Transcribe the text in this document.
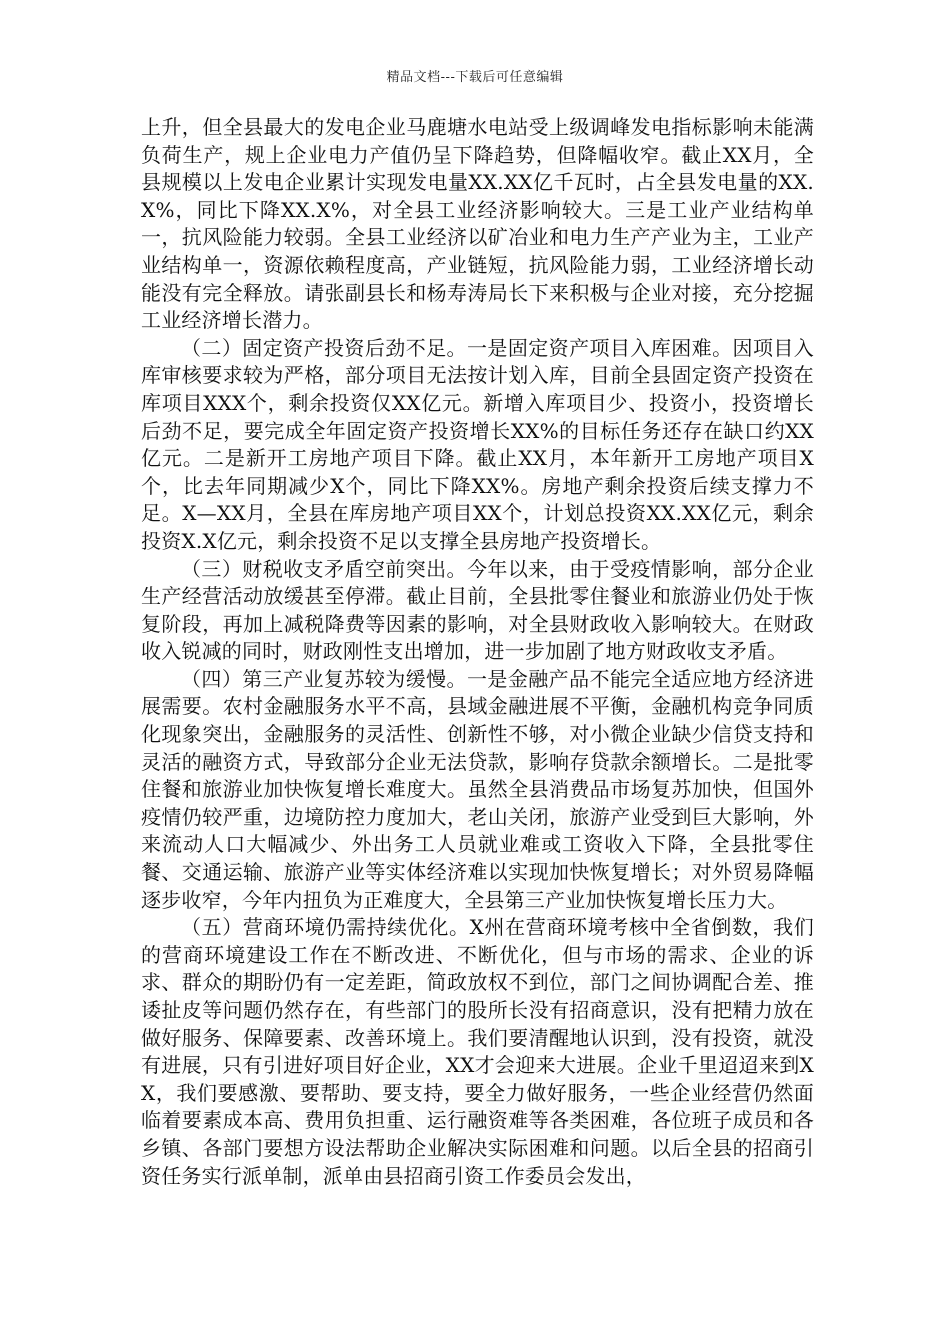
精品文档---下载后可任意编辑

上升，但全县最大的发电企业马鹿塘水电站受上级调峰发电指标影响未能满负荷生产，规上企业电力产值仍呈下降趋势，但降幅收窄。截止XX月，全县规模以上发电企业累计实现发电量XX.XX亿千瓦时，占全县发电量的XX.X%，同比下降XX.X%，对全县工业经济影响较大。三是工业产业结构单一，抗风险能力较弱。全县工业经济以矿冶业和电力生产产业为主，工业产业结构单一，资源依赖程度高，产业链短，抗风险能力弱，工业经济增长动能没有完全释放。请张副县长和杨寿涛局长下来积极与企业对接，充分挖掘工业经济增长潜力。

（二）固定资产投资后劲不足。一是固定资产项目入库困难。因项目入库审核要求较为严格，部分项目无法按计划入库，目前全县固定资产投资在库项目XXX个，剩余投资仅XX亿元。新增入库项目少、投资小，投资增长后劲不足，要完成全年固定资产投资增长XX%的目标任务还存在缺口约XX亿元。二是新开工房地产项目下降。截止XX月，本年新开工房地产项目X个，比去年同期减少X个，同比下降XX%。房地产剩余投资后续支撑力不足。X—XX月，全县在库房地产项目XX个，计划总投资XX.XX亿元，剩余投资X.X亿元，剩余投资不足以支撑全县房地产投资增长。

（三）财税收支矛盾空前突出。今年以来，由于受疫情影响，部分企业生产经营活动放缓甚至停滞。截止目前，全县批零住餐业和旅游业仍处于恢复阶段，再加上减税降费等因素的影响，对全县财政收入影响较大。在财政收入锐减的同时，财政刚性支出增加，进一步加剧了地方财政收支矛盾。

（四）第三产业复苏较为缓慢。一是金融产品不能完全适应地方经济进展需要。农村金融服务水平不高，县域金融进展不平衡，金融机构竞争同质化现象突出，金融服务的灵活性、创新性不够，对小微企业缺少信贷支持和灵活的融资方式，导致部分企业无法贷款，影响存贷款余额增长。二是批零住餐和旅游业加快恢复增长难度大。虽然全县消费品市场复苏加快，但国外疫情仍较严重，边境防控力度加大，老山关闭，旅游产业受到巨大影响，外来流动人口大幅减少、外出务工人员就业难或工资收入下降，全县批零住餐、交通运输、旅游产业等实体经济难以实现加快恢复增长；对外贸易降幅逐步收窄，今年内扭负为正难度大，全县第三产业加快恢复增长压力大。

（五）营商环境仍需持续优化。X州在营商环境考核中全省倒数，我们的营商环境建设工作在不断改进、不断优化，但与市场的需求、企业的诉求、群众的期盼仍有一定差距，简政放权不到位，部门之间协调配合差、推诿扯皮等问题仍然存在，有些部门的股所长没有招商意识，没有把精力放在做好服务、保障要素、改善环境上。我们要清醒地认识到，没有投资，就没有进展，只有引进好项目好企业，XX才会迎来大进展。企业千里迢迢来到XX，我们要感激、要帮助、要支持，要全力做好服务，一些企业经营仍然面临着要素成本高、费用负担重、运行融资难等各类困难，各位班子成员和各乡镇、各部门要想方设法帮助企业解决实际困难和问题。以后全县的招商引资任务实行派单制，派单由县招商引资工作委员会发出，
